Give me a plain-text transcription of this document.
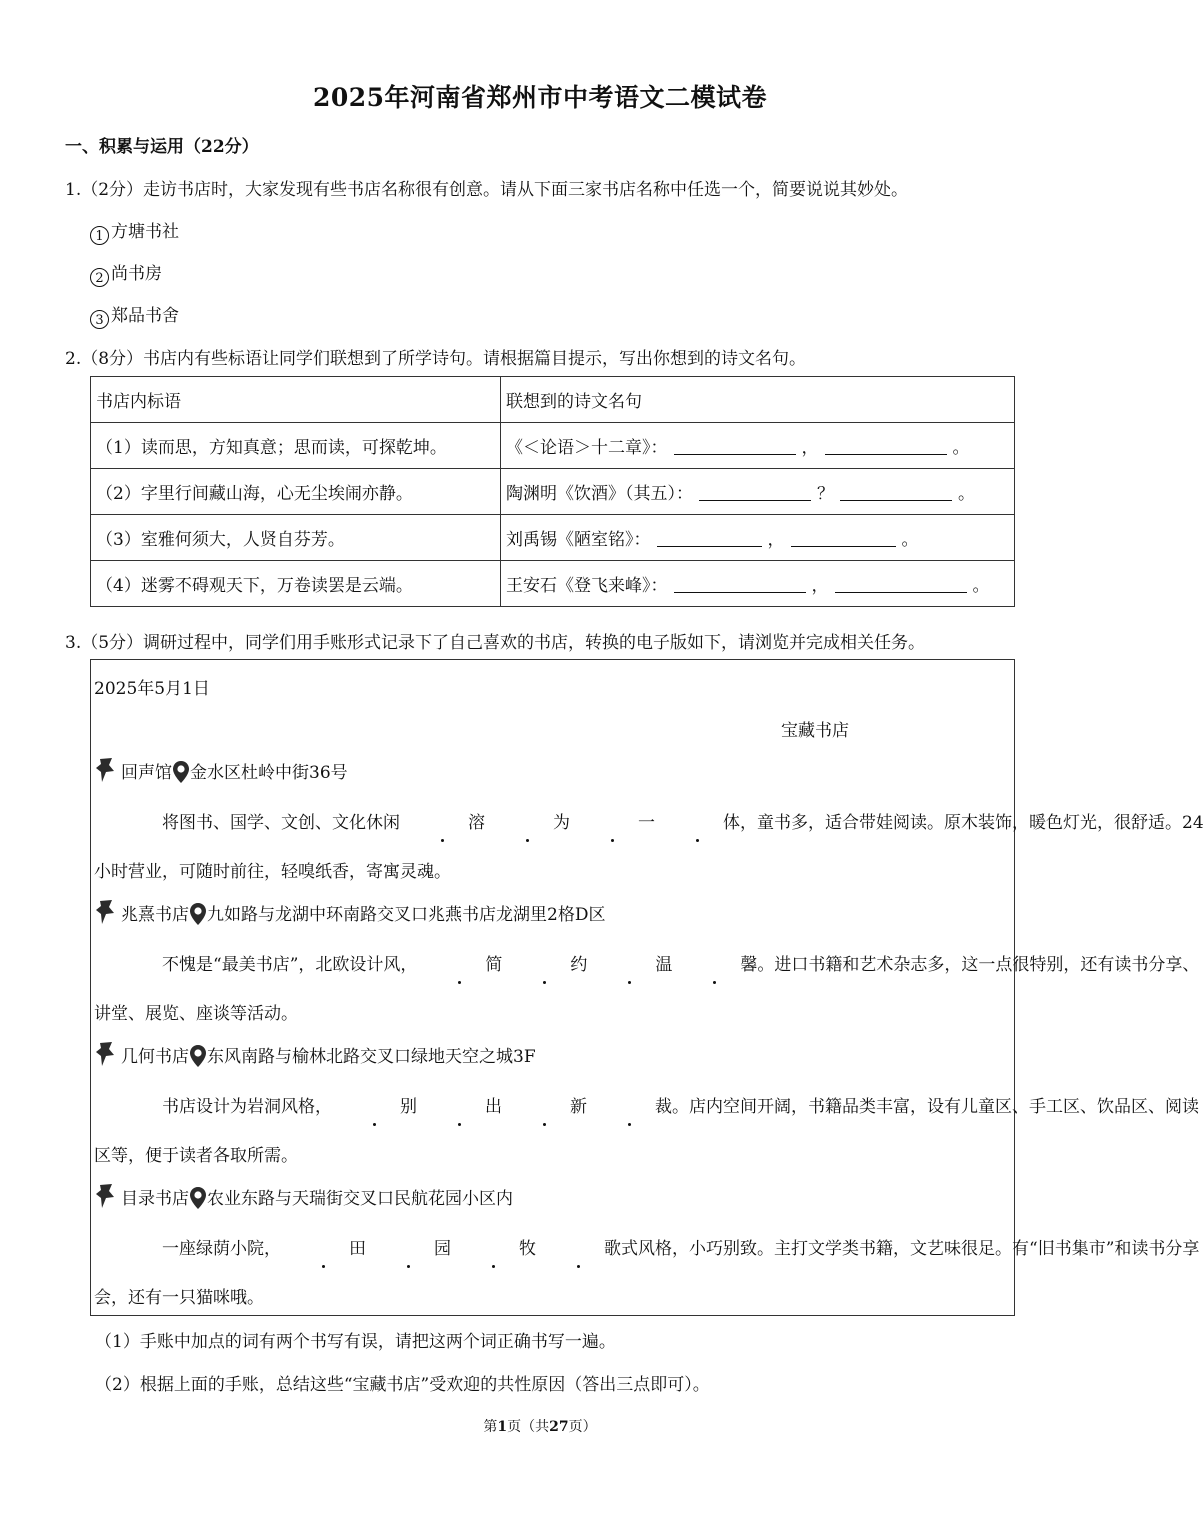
2025年河南省郑州市中考语文二模试卷
一、积累与运用（22分）
1.（2分）走访书店时，大家发现有些书店名称很有创意。请从下面三家书店名称中任选一个，简要说说其妙处。
1 方塘书社
2 尚书房
3 郑品书舍
2.（8分）书店内有些标语让同学们联想到了所学诗句。请根据篇目提示，写出你想到的诗文名句。
书店内标语	联想到的诗文名句
（1）读而思，方知真意；思而读，可探乾坤。	《＜论语＞十二章》： ， 。
（2）字里行间藏山海，心无尘埃闹亦静。	陶渊明《饮酒》（其五）： ？ 。
（3）室雅何须大，人贤自芬芳。	刘禹锡《陋室铭》： ， 。
（4）迷雾不碍观天下，万卷读罢是云端。	王安石《登飞来峰》： ， 。
3.（5分）调研过程中，同学们用手账形式记录下了自己喜欢的书店，转换的电子版如下，请浏览并完成相关任务。
2025年5月1日
宝藏书店
回声馆 金水区杜岭中街36号
将图书、国学、文创、文化休闲	溶	为	一	体，童书多，适合带娃阅读。原木装饰，暖色灯光，很舒适。24
小时营业，可随时前往，轻嗅纸香，寄寓灵魂。
兆熹书店 九如路与龙湖中环南路交叉口兆燕书店龙湖里2格D区
不愧是“最美书店”，北欧设计风，	简	约	温	馨。进口书籍和艺术杂志多，这一点很特别，还有读书分享、
讲堂、展览、座谈等活动。
几何书店 东风南路与榆林北路交叉口绿地天空之城3F
书店设计为岩洞风格，	别	出	新	裁。店内空间开阔，书籍品类丰富，设有儿童区、手工区、饮品区、阅读
区等，便于读者各取所需。
目录书店 农业东路与天瑞街交叉口民航花园小区内
一座绿荫小院，	田	园	牧	歌式风格，小巧别致。主打文学类书籍，文艺味很足。有“旧书集市”和读书分享
会，还有一只猫咪哦。
（1）手账中加点的词有两个书写有误，请把这两个词正确书写一遍。
（2）根据上面的手账，总结这些“宝藏书店”受欢迎的共性原因（答出三点即可）。
第1页（共27页）
